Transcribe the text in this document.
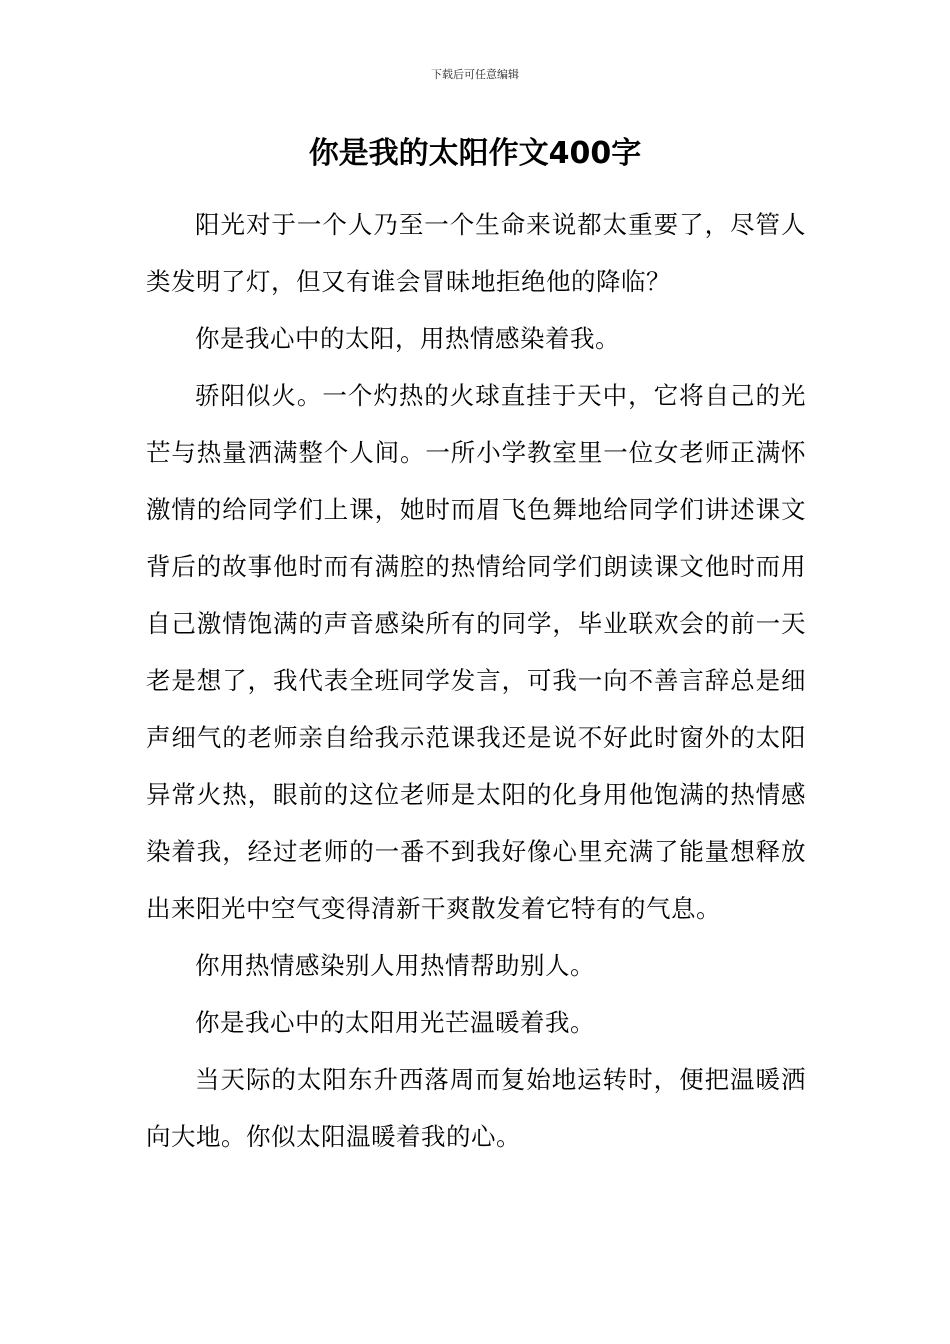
下载后可任意编辑
你是我的太阳作文400字

阳光对于一个人乃至一个生命来说都太重要了，尽管人类发明了灯，但又有谁会冒昧地拒绝他的降临？

你是我心中的太阳，用热情感染着我。

骄阳似火。一个灼热的火球直挂于天中，它将自己的光芒与热量洒满整个人间。一所小学教室里一位女老师正满怀激情的给同学们上课，她时而眉飞色舞地给同学们讲述课文背后的故事他时而有满腔的热情给同学们朗读课文他时而用自己激情饱满的声音感染所有的同学，毕业联欢会的前一天老是想了，我代表全班同学发言，可我一向不善言辞总是细声细气的老师亲自给我示范课我还是说不好此时窗外的太阳异常火热，眼前的这位老师是太阳的化身用他饱满的热情感染着我，经过老师的一番不到我好像心里充满了能量想释放出来阳光中空气变得清新干爽散发着它特有的气息。

你用热情感染别人用热情帮助别人。

你是我心中的太阳用光芒温暖着我。

当天际的太阳东升西落周而复始地运转时，便把温暖洒向大地。你似太阳温暖着我的心。
